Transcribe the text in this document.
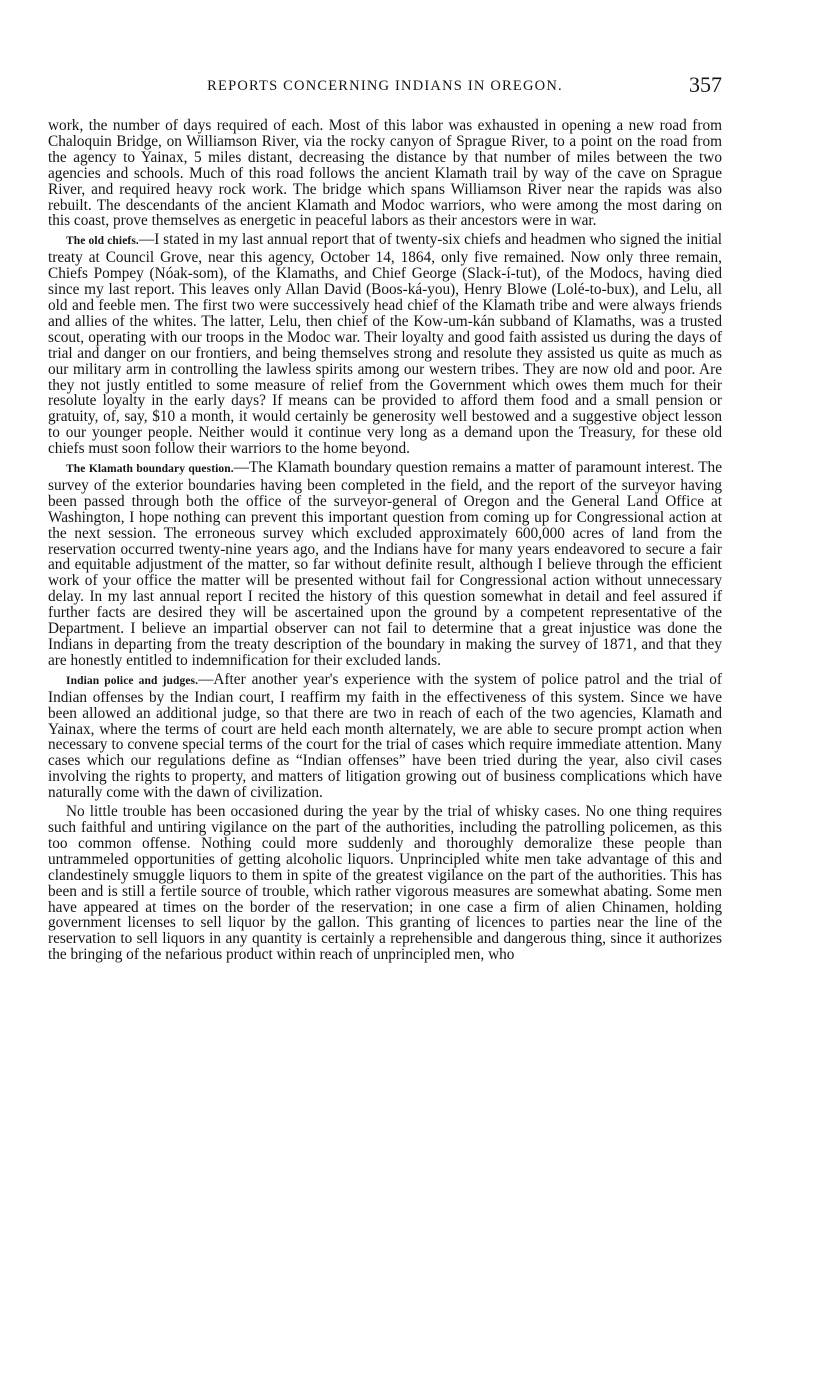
REPORTS CONCERNING INDIANS IN OREGON.	357

work, the number of days required of each. Most of this labor was exhausted in opening a new road from Chaloquin Bridge, on Williamson River, via the rocky canyon of Sprague River, to a point on the road from the agency to Yainax, 5 miles distant, decreasing the distance by that number of miles between the two agencies and schools. Much of this road follows the ancient Klamath trail by way of the cave on Sprague River, and required heavy rock work. The bridge which spans Williamson River near the rapids was also rebuilt. The descendants of the ancient Klamath and Modoc warriors, who were among the most daring on this coast, prove themselves as energetic in peaceful labors as their ancestors were in war.

The old chiefs.—I stated in my last annual report that of twenty-six chiefs and headmen who signed the initial treaty at Council Grove, near this agency, October 14, 1864, only five remained. Now only three remain, Chiefs Pompey (Nóak-som), of the Klamaths, and Chief George (Slack-í-tut), of the Modocs, having died since my last report. This leaves only Allan David (Boos-ká-you), Henry Blowe (Lolé-to-bux), and Lelu, all old and feeble men. The first two were successively head chief of the Klamath tribe and were always friends and allies of the whites. The latter, Lelu, then chief of the Kow-um-kán subband of Klamaths, was a trusted scout, operating with our troops in the Modoc war. Their loyalty and good faith assisted us during the days of trial and danger on our frontiers, and being themselves strong and resolute they assisted us quite as much as our military arm in controlling the lawless spirits among our western tribes. They are now old and poor. Are they not justly entitled to some measure of relief from the Government which owes them much for their resolute loyalty in the early days? If means can be provided to afford them food and a small pension or gratuity, of, say, $10 a month, it would certainly be generosity well bestowed and a suggestive object lesson to our younger people. Neither would it continue very long as a demand upon the Treasury, for these old chiefs must soon follow their warriors to the home beyond.

The Klamath boundary question.—The Klamath boundary question remains a matter of paramount interest. The survey of the exterior boundaries having been completed in the field, and the report of the surveyor having been passed through both the office of the surveyor-general of Oregon and the General Land Office at Washington, I hope nothing can prevent this important question from coming up for Congressional action at the next session. The erroneous survey which excluded approximately 600,000 acres of land from the reservation occurred twenty-nine years ago, and the Indians have for many years endeavored to secure a fair and equitable adjustment of the matter, so far without definite result, although I believe through the efficient work of your office the matter will be presented without fail for Congressional action without unnecessary delay. In my last annual report I recited the history of this question somewhat in detail and feel assured if further facts are desired they will be ascertained upon the ground by a competent representative of the Department. I believe an impartial observer can not fail to determine that a great injustice was done the Indians in departing from the treaty description of the boundary in making the survey of 1871, and that they are honestly entitled to indemnification for their excluded lands.

Indian police and judges.—After another year's experience with the system of police patrol and the trial of Indian offenses by the Indian court, I reaffirm my faith in the effectiveness of this system. Since we have been allowed an additional judge, so that there are two in reach of each of the two agencies, Klamath and Yainax, where the terms of court are held each month alternately, we are able to secure prompt action when necessary to convene special terms of the court for the trial of cases which require immediate attention. Many cases which our regulations define as “Indian offenses” have been tried during the year, also civil cases involving the rights to property, and matters of litigation growing out of business complications which have naturally come with the dawn of civilization.

No little trouble has been occasioned during the year by the trial of whisky cases. No one thing requires such faithful and untiring vigilance on the part of the authorities, including the patrolling policemen, as this too common offense. Nothing could more suddenly and thoroughly demoralize these people than untrammeled opportunities of getting alcoholic liquors. Unprincipled white men take advantage of this and clandestinely smuggle liquors to them in spite of the greatest vigilance on the part of the authorities. This has been and is still a fertile source of trouble, which rather vigorous measures are somewhat abating. Some men have appeared at times on the border of the reservation; in one case a firm of alien Chinamen, holding government licenses to sell liquor by the gallon. This granting of licences to parties near the line of the reservation to sell liquors in any quantity is certainly a reprehensible and dangerous thing, since it authorizes the bringing of the nefarious product within reach of unprincipled men, who
